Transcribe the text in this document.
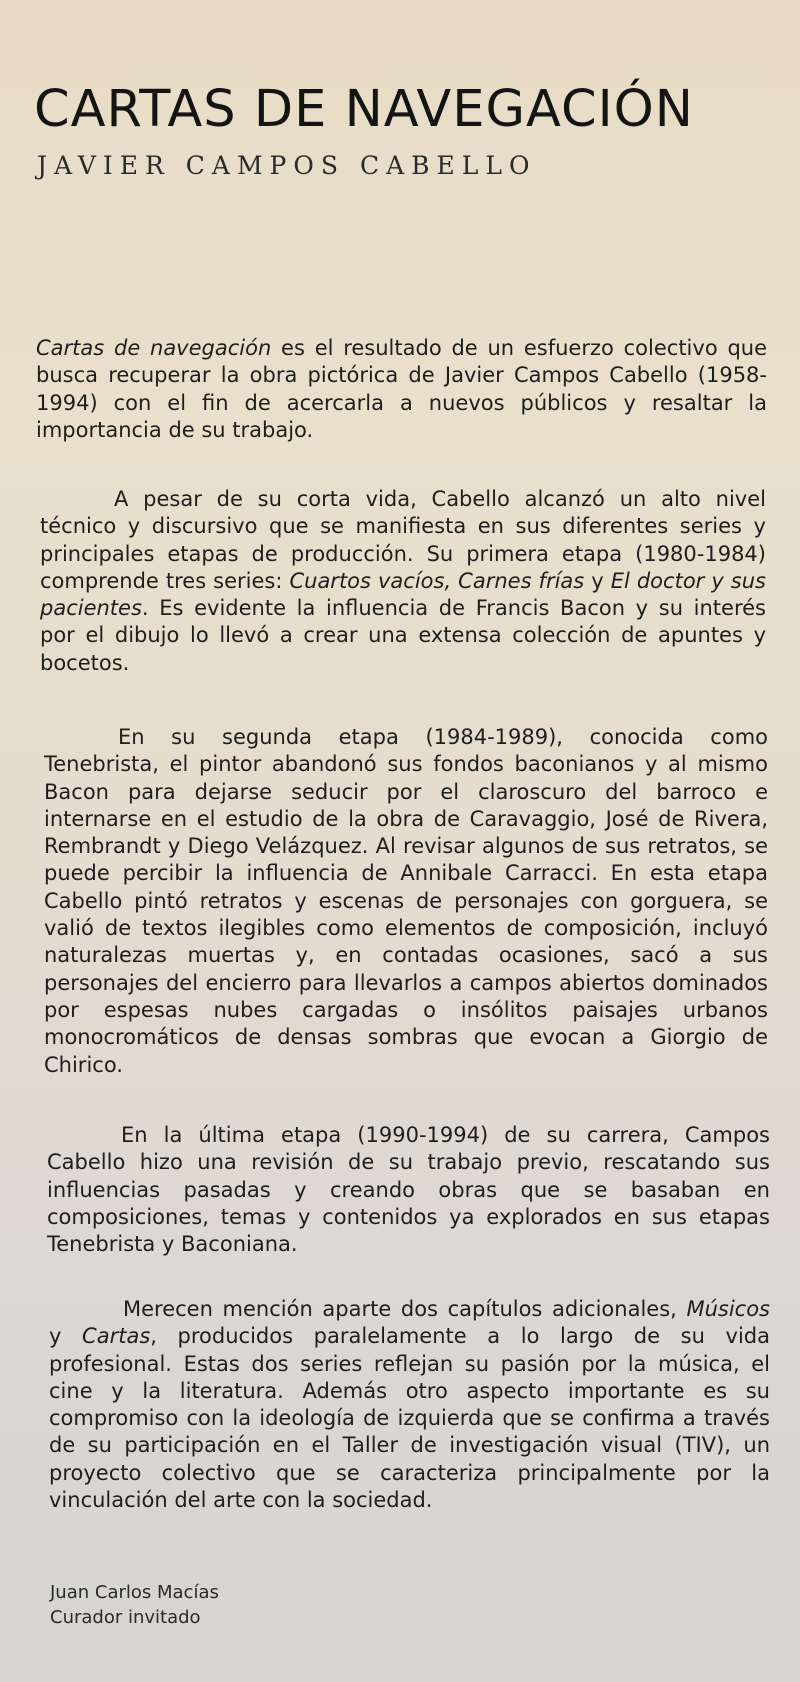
CARTAS DE NAVEGACIÓN
JAVIER CAMPOS CABELLO

Cartas de navegación es el resultado de un esfuerzo colectivo que busca recuperar la obra pictórica de Javier Campos Cabello (1958-1994) con el fin de acercarla a nuevos públicos y resaltar la importancia de su trabajo.

A pesar de su corta vida, Cabello alcanzó un alto nivel técnico y discursivo que se manifiesta en sus diferentes series y principales etapas de producción. Su primera etapa (1980-1984) comprende tres series: Cuartos vacíos, Carnes frías y El doctor y sus pacientes. Es evidente la influencia de Francis Bacon y su interés por el dibujo lo llevó a crear una extensa colección de apuntes y bocetos.

En su segunda etapa (1984-1989), conocida como Tenebrista, el pintor abandonó sus fondos baconianos y al mismo Bacon para dejarse seducir por el claroscuro del barroco e internarse en el estudio de la obra de Caravaggio, José de Rivera, Rembrandt y Diego Velázquez. Al revisar algunos de sus retratos, se puede percibir la influencia de Annibale Carracci. En esta etapa Cabello pintó retratos y escenas de personajes con gorguera, se valió de textos ilegibles como elementos de composición, incluyó naturalezas muertas y, en contadas ocasiones, sacó a sus personajes del encierro para llevarlos a campos abiertos dominados por espesas nubes cargadas o insólitos paisajes urbanos monocromáticos de densas sombras que evocan a Giorgio de Chirico.

En la última etapa (1990-1994) de su carrera, Campos Cabello hizo una revisión de su trabajo previo, rescatando sus influencias pasadas y creando obras que se basaban en composiciones, temas y contenidos ya explorados en sus etapas Tenebrista y Baconiana.

Merecen mención aparte dos capítulos adicionales, Músicos y Cartas, producidos paralelamente a lo largo de su vida profesional. Estas dos series reflejan su pasión por la música, el cine y la literatura. Además otro aspecto importante es su compromiso con la ideología de izquierda que se confirma a través de su participación en el Taller de investigación visual (TIV), un proyecto colectivo que se caracteriza principalmente por la vinculación del arte con la sociedad.

Juan Carlos Macías
Curador invitado
